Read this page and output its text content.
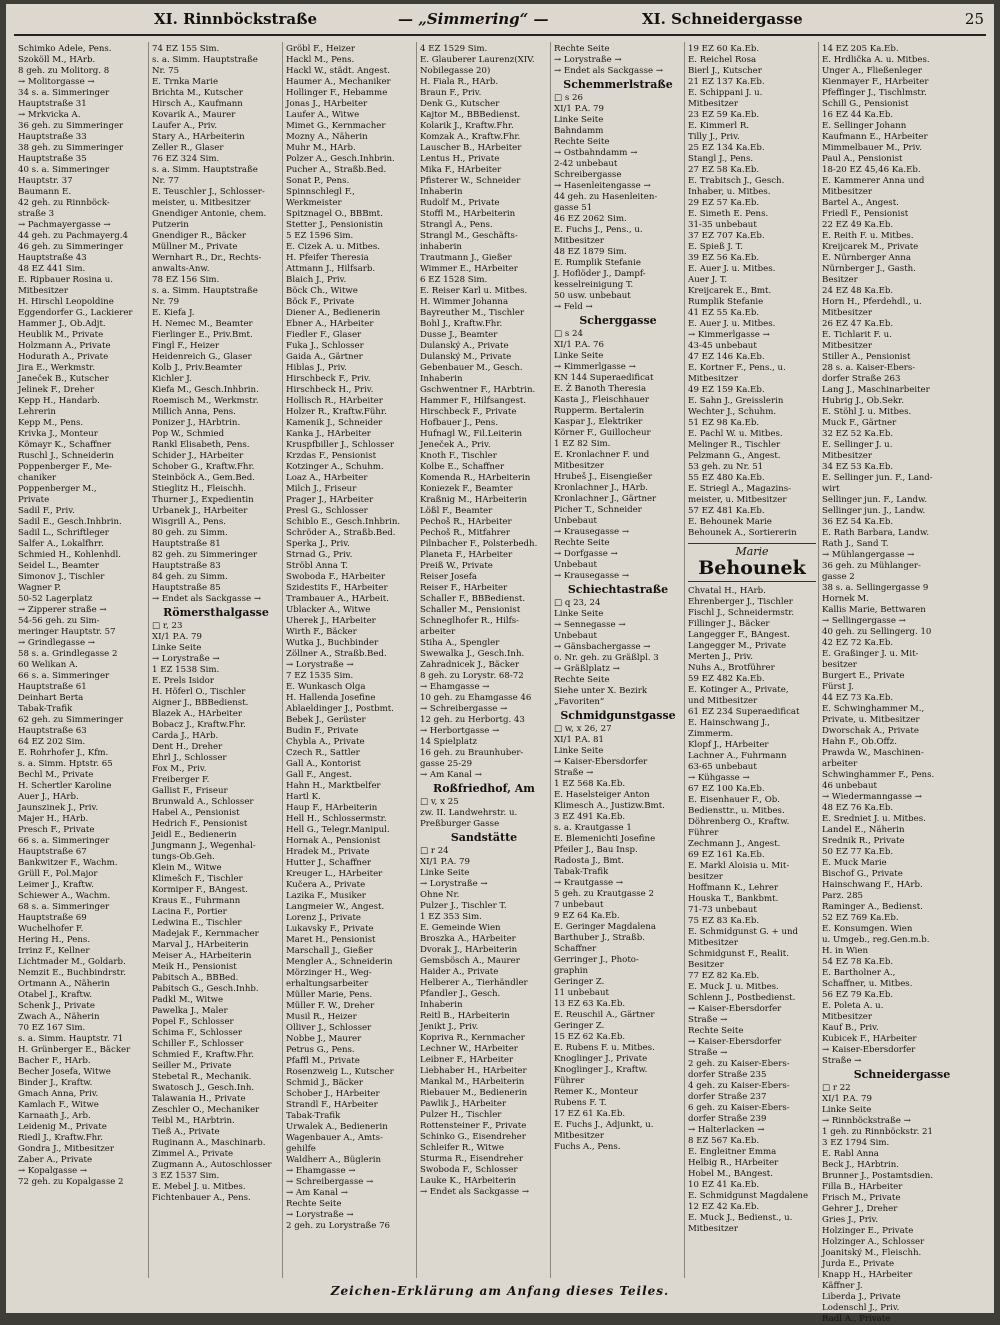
XI. Rinnböckstraße	— „Simmering“ —	XI. Schneidergasse	25
Schimko Adele, Pens.
Szoköll M., HArb.
8 geh. zu Molitorg. 8
→ Molitorgasse →
34 s. a. Simmeringer
Hauptstraße 31
→ Mrkvicka A.
36 geh. zu Simmeringer
Hauptstraße 33
38 geh. zu Simmeringer
Hauptstraße 35
40 s. a. Simmeringer
Hauptstr. 37
Baumann E.
42 geh. zu Rinnböck-
straße 3
→ Pachmayergasse →
44 geh. zu Pachmayerg.4
46 geh. zu Simmeringer
Hauptstraße 43
48 EZ 441 Sim.
E. Ripbauer Rosina u.
Mitbesitzer
H. Hirschl Leopoldine
Eggendorfer G., Lackierer
Hammer J., Ob.Adjt.
Heublik M., Private
Holzmann A., Private
Hodurath A., Private
Jira E., Werkmstr.
Janeček B., Kutscher
Jelinek F., Dreher
Kepp H., Handarb.
Lehrerin
Kepp M., Pens.
Krivka J., Monteur
Kömayr K., Schaffner
Ruschl J., Schneiderin
Poppenberger F., Me-
chaniker
Poppenberger M.,
Private
Sadil F., Priv.
Sadil E., Gesch.Inhbrin.
Sadil L., Schriftleger
Salfer A., Lokalfhrr.
Schmied H., Kohlenhdl.
Seidel L., Beamter
Simonov J., Tischler
Wagner P.
50-52 Lagerplatz
→ Zipperer straße →
54-56 geh. zu Sim-
meringer Hauptstr. 57
→ Grindlegasse →
58 s. a. Grindlegasse 2
60 Welikan A.
66 s. a. Simmeringer
Hauptstraße 61
Deinhart Berta
Tabak-Trafik
62 geh. zu Simmeringer
Hauptstraße 63
64 EZ 202 Sim.
E. Rohrhofer J., Kfm.
s. a. Simm. Hptstr. 65
Bechl M., Private
H. Schertler Karoline
Auer J., HArb.
Jaunszinek J., Priv.
Majer H., HArb.
Presch F., Private
66 s. a. Simmeringer
Hauptstraße 67
Bankwitzer F., Wachm.
Grüll F., Pol.Major
Leimer J., Kraftw.
Schiewer A., Wachm.
68 s. a. Simmeringer
Hauptstraße 69
Wuchelhofer F.
Hering H., Pens.
Irrinz F., Kellner
Lichtmader M., Goldarb.
Nemzit E., Buchbindrstr.
Ortmann A., Näherin
Otabel J., Kraftw.
Schenk J., Private
Zwach A., Näherin
70 EZ 167 Sim.
s. a. Simm. Hauptstr. 71
H. Grünberger E., Bäcker
Bacher F., HArb.
Becher Josefa, Witwe
Binder J., Kraftw.
Gmach Anna, Priv.
Kamlach F., Witwe
Karnaath J., Arb.
Leidenig M., Private
Riedl J., Kraftw.Fhr.
Gondra J., Mitbesitzer
Zaber A., Private
→ Kopalgasse →
72 geh. zu Kopalgasse 2
74 EZ 155 Sim.
s. a. Simm. Hauptstraße
Nr. 75
E. Trnka Marie
Brichta M., Kutscher
Hirsch A., Kaufmann
Kovarik A., Maurer
Laufer A., Priv.
Stary A., HArbeiterin
Zeller R., Glaser
76 EZ 324 Sim.
s. a. Simm. Hauptstraße
Nr. 77
E. Teuschler J., Schlosser-
meister, u. Mitbesitzer
Gnendiger Antonie, chem.
Putzerin
Gnendiger R., Bäcker
Müllner M., Private
Wernhart R., Dr., Rechts-
anwalts-Anw.
78 EZ 156 Sim.
s. a. Simm. Hauptstraße
Nr. 79
E. Kiefa J.
H. Nemec M., Beamter
Fierlinger E., Priv.Bmt.
Fingl F., Heizer
Heidenreich G., Glaser
Kolb J., Priv.Beamter
Kichler J.
Kiefa M., Gesch.Inhbrin.
Roemisch M., Werkmstr.
Millich Anna, Pens.
Ponizer J., HArbtrin.
Pop W., Schmied
Rankl Elisabeth, Pens.
Schider J., HArbeiter
Schober G., Kraftw.Fhr.
Steinböck A., Gem.Bed.
Stieglitz H., Fleischh.
Thurner J., Expedientin
Urbanek J., HArbeiter
Wisgrill A., Pens.
80 geh. zu Simm.
Hauptstraße 81
82 geh. zu Simmeringer
Hauptstraße 83
84 geh. zu Simm.
Hauptstraße 85
→ Endet als Sackgasse →
Römersthalgasse
□ r, 23
XI/1 P.A. 79
Linke Seite
→ Lorystraße →
1 EZ 1538 Sim.
E. Prels Isidor
H. Höferl O., Tischler
Aigner J., BBBedienst.
Blazek A., HArbeiter
Bobacz J., Kraftw.Fhr.
Carda J., HArb.
Dent H., Dreher
Ehrl J., Schlosser
Fox M., Priv.
Freiberger F.
Gallist F., Friseur
Brunwald A., Schlosser
Habel A., Pensionist
Hedrich F., Pensionist
Jeidl E., Bedienerin
Jungmann J., Wegenhal-
tungs-Ob.Geh.
Klein M., Witwe
Klimešch F., Tischler
Kormiper F., BAngest.
Kraus E., Fuhrmann
Lacina F., Portier
Ledwina E., Tischler
Madejak F., Kernmacher
Marval J., HArbeiterin
Meiser A., HArbeiterin
Meik H., Pensionist
Pabitsch A., BBBed.
Pabitsch G., Gesch.Inhb.
Padkl M., Witwe
Pawelka J., Maler
Popel F., Schlosser
Schima F., Schlosser
Schiller F., Schlosser
Schmied F., Kraftw.Fhr.
Seiller M., Private
Stebetal R., Mechanik.
Swatosch J., Gesch.Inh.
Talawania H., Private
Zeschler O., Mechaniker
Teibl M., HArbtrin.
Tieß A., Private
Ruginann A., Maschinarb.
Zimmel A., Private
Zugmann A., Autoschlosser
3 EZ 1537 Sim.
E. Mebel J. u. Mitbes.
Fichtenbauer A., Pens.
Gröbl F., Heizer
Hackl M., Pens.
Hackl W., städt. Angest.
Haumer A., Mechaniker
Hollinger F., Hebamme
Jonas J., HArbeiter
Laufer A., Witwe
Mimet G., Kernmacher
Mozny A., Näherin
Muhr M., HArb.
Polzer A., Gesch.Inhbrin.
Pucher A., Straßb.Bed.
Sonat P., Pens.
Spinnschlegl F.,
Werkmeister
Spitznagel O., BBBmt.
Stetter J., Pensionistin
5 EZ 1596 Sim.
E. Cizek A. u. Mitbes.
H. Pfeifer Theresia
Attmann J., Hilfsarb.
Blaich J., Priv.
Böck Ch., Witwe
Böck F., Private
Diener A., Bedienerin
Ebner A., HArbeiter
Fiedler F., Glaser
Fuka J., Schlosser
Gaida A., Gärtner
Hiblas J., Priv.
Hirschbeck F., Priv.
Hirschbeck H., Priv.
Hollisch R., HArbeiter
Holzer R., Kraftw.Führ.
Kamenik J., Schneider
Kanka J., HArbeiter
Kruspfbiller J., Schlosser
Krzdas F., Pensionist
Kotzinger A., Schuhm.
Loaz A., HArbeiter
Milch J., Friseur
Prager J., HArbeiter
Presl G., Schlosser
Schiblo E., Gesch.Inhbrin.
Schröder A., Straßb.Bed.
Sperka J., Priv.
Strnad G., Priv.
Ströbl Anna T.
Swoboda F., HArbeiter
Szidestits F., HArbeiter
Trambauer A., HArbeit.
Ublacker A., Witwe
Uherek J., HArbeiter
Wirth F., Bäcker
Wutka J., Buchbinder
Zöllner A., Straßb.Bed.
→ Lorystraße →
7 EZ 1535 Sim.
E. Wunkasch Olga
H. Hallenda Josefine
Ablaeldinger J., Postbmt.
Bebek J., Gerüster
Budin F., Private
Chybla A., Private
Czech R., Sattler
Gall A., Kontorist
Gall F., Angest.
Hahn H., Marktbelfer
Hartl K.
Haup F., HArbeiterin
Hell H., Schlossermstr.
Hell G., Telegr.Manipul.
Hornak A., Pensionist
Hradek M., Private
Hutter J., Schaffner
Kreuger L., HArbeiter
Kučera A., Private
Lazika F., Musiker
Langmeier W., Angest.
Lorenz J., Private
Lukavsky F., Private
Maret H., Pensionist
Marschall J., Gießer
Mengler A., Schneiderin
Mörzinger H., Weg-
erhaltungsarbeiter
Müller Marie, Pens.
Müller F. W., Dreher
Musil R., Heizer
Olliver J., Schlosser
Nobbe J., Maurer
Petrus G., Pens.
Pfaffl M., Private
Rosenzweig L., Kutscher
Schmid J., Bäcker
Schober J., HArbeiter
Strandl F., HArbeiter
Tabak-Trafik
Urwalek A., Bedienerin
Wagenbauer A., Amts-
gehilfe
Waldherr A., Büglerin
→ Ehamgasse →
→ Schreibergasse →
→ Am Kanal →
Rechte Seite
→ Lorystraße →
2 geh. zu Lorystraße 76
4 EZ 1529 Sim.
E. Glauberer Laurenz(XIV.
Nobilegasse 20)
H. Fiala R., HArb.
Braun F., Priv.
Denk G., Kutscher
Kajtor M., BBBedienst.
Kolarik J., Kraftw.Fhr.
Komzak A., Kraftw.Fhr.
Lauscher B., HArbeiter
Lentus H., Private
Mika F., HArbeiter
Pfisterer W., Schneider
Inhaberin
Rudolf M., Private
Stoffl M., HArbeiterin
Strangl A., Pens.
Strangl M., Geschäfts-
inhaberin
Trautmann J., Gießer
Wimmer E., HArbeiter
6 EZ 1528 Sim.
E. Reiser Karl u. Mitbes.
H. Wimmer Johanna
Bayreuther M., Tischler
Bohl J., Kraftw.Fhr.
Dusse J., Beamter
Dulanský A., Private
Dulanský M., Private
Gebenbauer M., Gesch.
Inhaberin
Gschwentner F., HArbtrin.
Hammer F., Hilfsangest.
Hirschbeck F., Private
Hofbauer J., Pens.
Hufnagl W., Fil.Leiterin
Jeneček A., Priv.
Knoth F., Tischler
Kolbe E., Schaffner
Komenda R., HArbeiterin
Koniezek F., Beamter
Kraßnig M., HArbeiterin
Lößl F., Beamter
Pechoš R., HArbeiter
Pechoš R., Mitfahrer
Pilnbacher F., Polsterbedh.
Planeta F., HArbeiter
Preiß W., Private
Reiser Josefa
Reiser F., HArbeiter
Schaller F., BBBedienst.
Schaller M., Pensionist
Schneglhofer R., Hilfs-
arbeiter
Stiha A., Spengler
Swewalka J., Gesch.Inh.
Zahradnicek J., Bäcker
8 geh. zu Lorystr. 68-72
→ Ehamgasse →
10 geh. zu Ehamgasse 46
→ Schreibergasse →
12 geh. zu Herbortg. 43
→ Herbortgasse →
14 Spielplatz
16 geh. zu Braunhuber-
gasse 25-29
→ Am Kanal →
Roßfriedhof, Am
□ v, x 25
zw. II. Landwehrstr. u.
Preßburger Gasse
Sandstätte
□ r 24
XI/1 P.A. 79
Linke Seite
→ Lorystraße →
Ohne Nr.
Pulzer J., Tischler T.
1 EZ 353 Sim.
E. Gemeinde Wien
Broszka A., HArbeiter
Dvorak J., HArbeiterin
Gemsbösch A., Maurer
Haider A., Private
Helberer A., Tierhändler
Pfandler J., Gesch.
Inhaberin
Reitl B., HArbeiterin
Jenikt J., Priv.
Kopriva R., Kernmacher
Lechner W., HArbeiter
Leibner F., HArbeiter
Liebhaber H., HArbeiter
Mankal M., HArbeiterin
Riebauer M., Bedienerin
Pawlik J., HArbeiter
Pulzer H., Tischler
Rottensteiner F., Private
Schinko G., Eisendreher
Schleifer R., Witwe
Sturma R., Eisendreher
Swoboda F., Schlosser
Lauke K., HArbeiterin
→ Endet als Sackgasse →
Rechte Seite
→ Lorystraße →
→ Endet als Sackgasse →
Schemmerlstraße
□ s 26
XI/1 P.A. 79
Linke Seite
Bahndamm
Rechte Seite
→ Ostbahndamm →
2-42 unbebaut
Schreibergasse
→ Hasenleitengasse →
44 geh. zu Hasenleiten-
gasse 51
46 EZ 2062 Sim.
E. Fuchs J., Pens., u.
Mitbesitzer
48 EZ 1879 Sim.
E. Rumplik Stefanie
J. Hoflöder J., Dampf-
kesselreinigung T.
50 usw. unbebaut
→ Feld →
Scherggasse
□ s 24
XI/1 P.A. 76
Linke Seite
→ Kimmerlgasse →
KN 144 Superaedificat
E. Ż Banoth Theresia
Kasta J., Fleischhauer
Rupperm. Bertalerin
Kaspar J., Elektriker
Körner F., Guillocheur
1 EZ 82 Sim.
E. Kronlachner F. und
Mitbesitzer
Hrubeš J., Eisengießer
Kronlachner J., HArb.
Kronlachner J., Gärtner
Picher T., Schneider
Unbebaut
→ Krausegasse →
Rechte Seite
→ Dorfgasse →
Unbebaut
→ Krausegasse →
Schiechtastraße
□ q 23, 24
Linke Seite
→ Sennegasse →
Unbebaut
→ Gänsbachergasse →
o. Nr. geh. zu Gräßlpl. 3
→ Gräßlplatz →
Rechte Seite
Siehe unter X. Bezirk
„Favoriten“
Schmidgunstgasse
□ w, x 26, 27
XI/1 P.A. 81
Linke Seite
→ Kaiser-Ebersdorfer
Straße →
1 EZ 568 Ka.Eb.
E. Haselsteiger Anton
Klimesch A., Justizw.Bmt.
3 EZ 491 Ka.Eb.
s. a. Krautgasse 1
E. Blemenichti Josefine
Pfeiler J., Bau Insp.
Radosta J., Bmt.
Tabak-Trafik
→ Krautgasse →
5 geh. zu Krautgasse 2
7 unbebaut
9 EZ 64 Ka.Eb.
E. Geringer Magdalena
Barthuber J., Straßb.
Schaffner
Gerringer J., Photo-
graphin
Geringer Z.
11 unbebaut
13 EZ 63 Ka.Eb.
E. Reuschil A., Gärtner
Geringer Z.
15 EZ 62 Ka.Eb.
E. Rubens F. u. Mitbes.
Knoglinger J., Private
Knoglinger J., Kraftw.
Führer
Remer K., Monteur
Rubens F. T.
17 EZ 61 Ka.Eb.
E. Fuchs J., Adjunkt, u.
Mitbesitzer
Fuchs A., Pens.
19 EZ 60 Ka.Eb.
E. Reichel Rosa
Bierl J., Kutscher
21 EZ 137 Ka.Eb.
E. Schippani J. u.
Mitbesitzer
23 EZ 59 Ka.Eb.
E. Kimmerl R.
Tilly J., Priv.
25 EZ 134 Ka.Eb.
Stangl J., Pens.
27 EZ 58 Ka.Eb.
E. Trabitsch J., Gesch.
Inhaber, u. Mitbes.
29 EZ 57 Ka.Eb.
E. Simeth E. Pens.
31-35 unbebaut
37 EZ 707 Ka.Eb.
E. Spieß J. T.
39 EZ 56 Ka.Eb.
E. Auer J. u. Mitbes.
Auer J. T.
Kreijcarek E., Bmt.
Rumplik Stefanie
41 EZ 55 Ka.Eb.
E. Auer J. u. Mitbes.
→ Kimmerlgasse →
43-45 unbebaut
47 EZ 146 Ka.Eb.
E. Kortner F., Pens., u.
Mitbesitzer
49 EZ 159 Ka.Eb.
E. Sahn J., Greisslerin
Wechter J., Schuhm.
51 EZ 98 Ka.Eb.
E. Pachl W. u. Mitbes.
Melinger R., Tischler
Pelzmann G., Angest.
53 geh. zu Nr. 51
55 EZ 480 Ka.Eb.
E. Striegl A., Magazins-
meister, u. Mitbesitzer
57 EZ 481 Ka.Eb.
E. Behounek Marie
Behounek A., Sortiererin
Marie
Behounek
Chvatal H., HArb.
Ehrenberger J., Tischler
Fischl J., Schneidermstr.
Fillinger J., Bäcker
Langegger F., BAngest.
Langegger M., Private
Merten J., Priv.
Nuhs A., Brotführer
59 EZ 482 Ka.Eb.
E. Kotinger A., Private,
und Mitbesitzer
61 EZ 234 Superaedificat
E. Hainschwang J.,
Zimmerm.
Klopf J., HArbeiter
Lachner A., Fuhrmann
63-65 unbebaut
→ Kühgasse →
67 EZ 100 Ka.Eb.
E. Eisenhauer F., Ob.
Bediensttr., u. Mitbes.
Döhrenberg O., Kraftw.
Führer
Zechmann J., Angest.
69 EZ 161 Ka.Eb.
E. Markl Aloisia u. Mit-
besitzer
Hoffmann K., Lehrer
Houska T., Bankbmt.
71-73 unbebaut
75 EZ 83 Ka.Eb.
E. Schmidgunst G. + und
Mitbesitzer
Schmidgunst F., Realit.
Besitzer
77 EZ 82 Ka.Eb.
E. Muck J. u. Mitbes.
Schlenn J., Postbedienst.
→ Kaiser-Ebersdorfer
Straße →
Rechte Seite
→ Kaiser-Ebersdorfer
Straße →
2 geh. zu Kaiser-Ebers-
dorfer Straße 235
4 geh. zu Kaiser-Ebers-
dorfer Straße 237
6 geh. zu Kaiser-Ebers-
dorfer Straße 239
→ Halterlacken →
8 EZ 567 Ka.Eb.
E. Engleitner Emma
Helbig R., HArbeiter
Hobel M., BAngest.
10 EZ 41 Ka.Eb.
E. Schmidgunst Magdalene
12 EZ 42 Ka.Eb.
E. Muck J., Bedienst., u.
Mitbesitzer
14 EZ 205 Ka.Eb.
E. Hrdlička A. u. Mitbes.
Unger A., Fließenleger
Kienmayer F., HArbeiter
Pfeffinger J., Tischlmstr.
Schill G., Pensionist
16 EZ 44 Ka.Eb.
E. Sellinger Johann
Kaufmann E., HArbeiter
Mimmelbauer M., Priv.
Paul A., Pensionist
18-20 EZ 45,46 Ka.Eb.
E. Kammerer Anna und
Mitbesitzer
Bartel A., Angest.
Friedl F., Pensionist
22 EZ 49 Ka.Eb.
E. Reith F. u. Mitbes.
Kreijcarek M., Private
E. Nürnberger Anna
Nürnberger J., Gasth.
Besitzer
24 EZ 48 Ka.Eb.
Horn H., Pferdehdl., u.
Mitbesitzer
26 EZ 47 Ka.Eb.
E. Tichlarit F. u.
Mitbesitzer
Stiller A., Pensionist
28 s. a. Kaiser-Ebers-
dorfer Straße 263
Lang J., Maschinarbeiter
Hubrig J., Ob.Sekr.
E. Stöhl J. u. Mitbes.
Muck F., Gärtner
32 EZ 52 Ka.Eb.
E. Sellinger J. u.
Mitbesitzer
34 EZ 53 Ka.Eb.
E. Sellinger jun. F., Land-
wirt
Sellinger jun. F., Landw.
Sellinger jun. J., Landw.
36 EZ 54 Ka.Eb.
E. Rath Barbara, Landw.
Rath J., Sand T.
→ Mühlangergasse →
36 geh. zu Mühlanger-
gasse 2
38 s. a. Sellingergasse 9
Hornek M.
Kallis Marie, Bettwaren
→ Sellingergasse →
40 geh. zu Sellingerg. 10
42 EZ 72 Ka.Eb.
E. Graßinger J. u. Mit-
besitzer
Burgert E., Private
Fürst J.
44 EZ 73 Ka.Eb.
E. Schwinghammer M.,
Private, u. Mitbesitzer
Dworschak A., Private
Hahn F., Ob.Offz.
Prawda W., Maschinen-
arbeiter
Schwinghammer F., Pens.
46 unbebaut
→ Wiedermanngasse →
48 EZ 76 Ka.Eb.
E. Sredniet J. u. Mitbes.
Landel E., Näherin
Srednik R., Private
50 EZ 77 Ka.Eb.
E. Muck Marie
Bischof G., Private
Hainschwang F., HArb.
Parz. 285
Raminger A., Bedienst.
52 EZ 769 Ka.Eb.
E. Konsumgen. Wien
u. Umgeb., reg.Gen.m.b.
H. in Wien
54 EZ 78 Ka.Eb.
E. Bartholner A.,
Schaffner, u. Mitbes.
56 EZ 79 Ka.Eb.
E. Poleta A. u.
Mitbesitzer
Kauf B., Priv.
Kubicek F., HArbeiter
→ Kaiser-Ebersdorfer
Straße →
Schneidergasse
□ r 22
XI/1 P.A. 79
Linke Seite
→ Rinnböckstraße →
1 geh. zu Rinnböckstr. 21
3 EZ 1794 Sim.
E. Rabl Anna
Beck J., HArbtrin.
Brunner J., Postamtsdien.
Filla B., HArbeiter
Frisch M., Private
Gehrer J., Dreher
Gries J., Priv.
Holzinger E., Private
Holzinger A., Schlosser
Joanitský M., Fleischh.
Jurda E., Private
Knapp H., HArbeiter
Käffner J.
Liberda J., Private
Lodenschl J., Priv.
Radl A., Private
Zeichen-Erklärung am Anfang dieses Teiles.
